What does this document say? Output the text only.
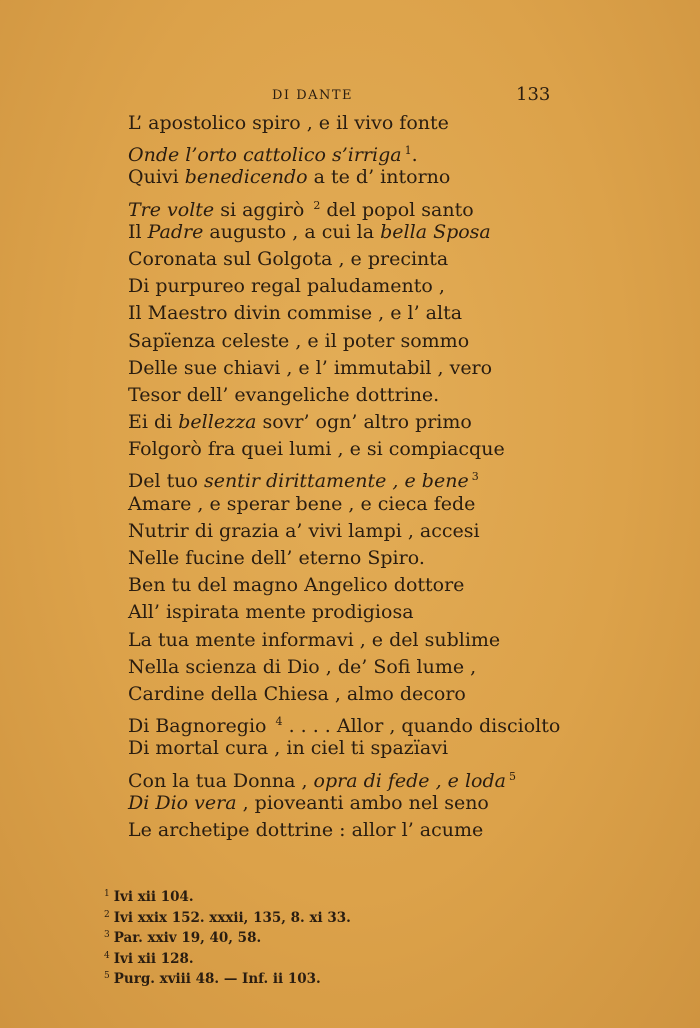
DI DANTE	133
L’ apostolico spiro , e il vivo fonte
Onde l’orto cattolico s’irriga $^1$.
Quivi benedicendo a te d’ intorno
Tre volte si aggirò $^2$ del popol santo
Il Padre augusto , a cui la bella Sposa
Coronata sul Golgota , e precinta
Di purpureo regal paludamento ,
Il Maestro divin commise , e l’ alta
Sapïenza celeste , e il poter sommo
Delle sue chiavi , e l’ immutabil , vero
Tesor dell’ evangeliche dottrine.
Ei di bellezza sovr’ ogn’ altro primo
Folgorò fra quei lumi , e si compiacque
Del tuo sentir dirittamente , e bene $^3$
Amare , e sperar bene , e cieca fede
Nutrir di grazia a’ vivi lampi , accesi
Nelle fucine dell’ eterno Spiro.
Ben tu del magno Angelico dottore
All’ ispirata mente prodigiosa
La tua mente informavi , e del sublime
Nella scienza di Dio , de’ Sofi lume ,
Cardine della Chiesa , almo decoro
Di Bagnoregio $^4$ . . . . Allor , quando disciolto
Di mortal cura , in ciel ti spazïavi
Con la tua Donna , opra di fede , e loda $^5$
Di Dio vera , pioveanti ambo nel seno
Le archetipe dottrine : allor l’ acume
$^1$ Ivi xii 104.
$^2$ Ivi xxix 152. xxxii, 135, 8. xi 33.
$^3$ Par. xxiv 19, 40, 58.
$^4$ Ivi xii 128.
$^5$ Purg. xviii 48. — Inf. ii 103.
